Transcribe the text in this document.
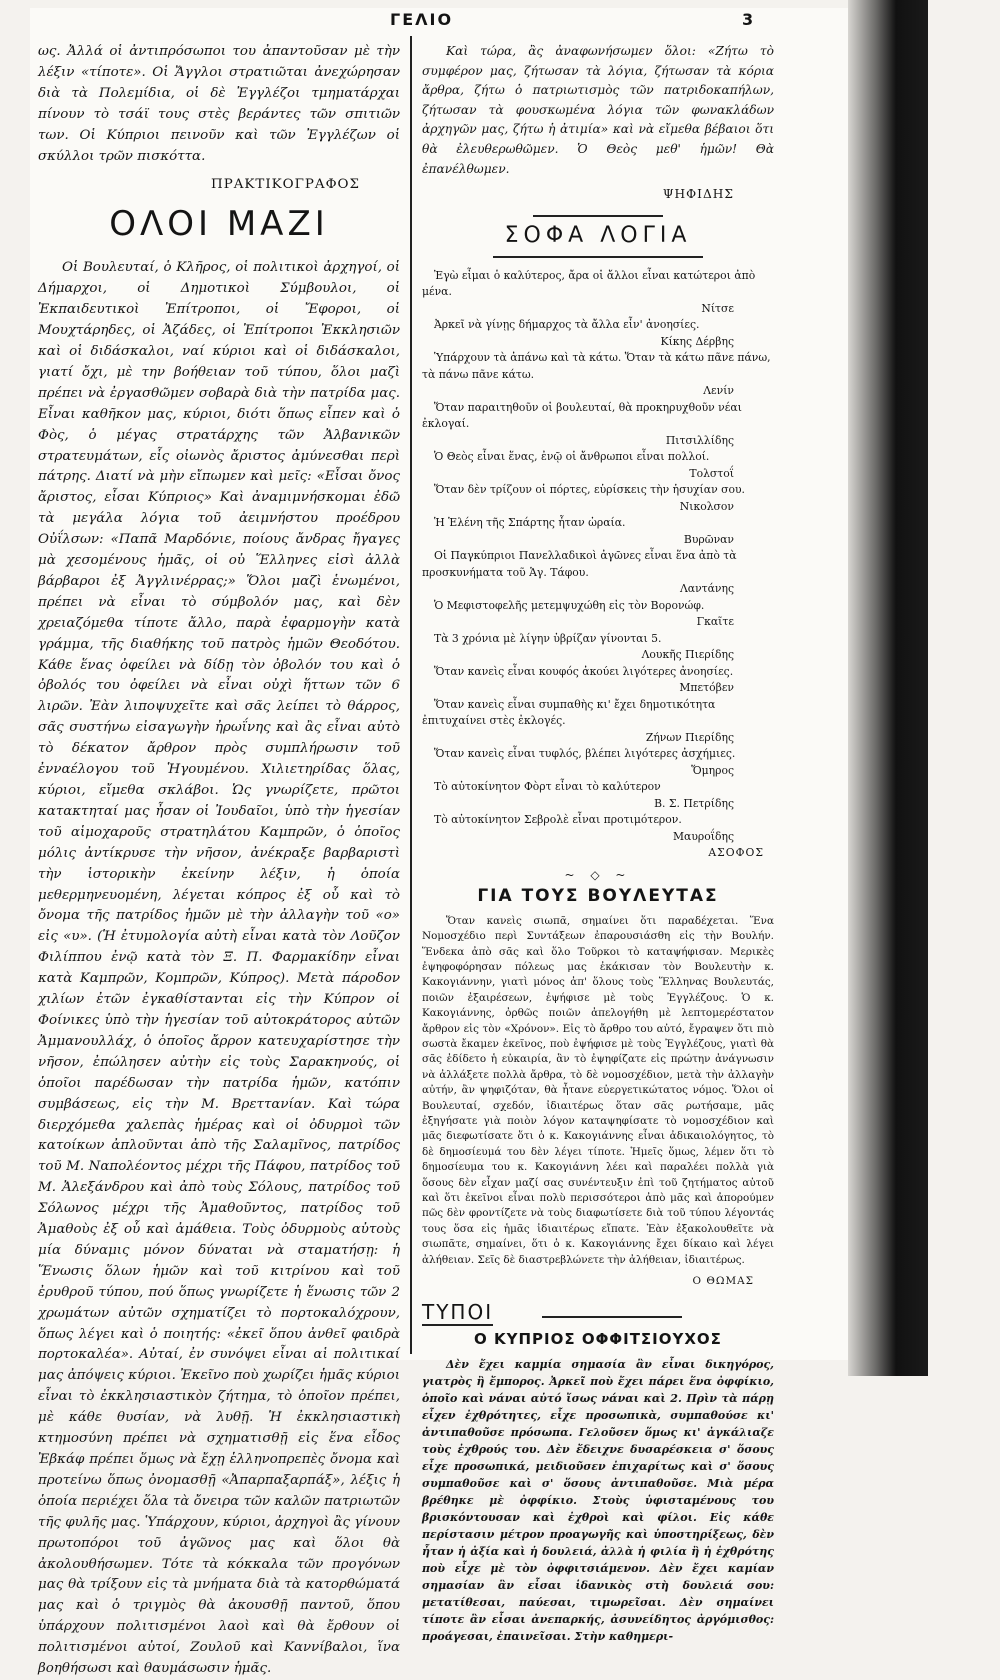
ΓΕΛΙΟ	3

ως. Ἀλλά οἱ ἀντιπρόσωποι του ἀπαντοῦσαν μὲ τὴν λέξιν «τίποτε». Οἱ Ἄγγλοι στρατιῶται ἀνεχώρησαν διὰ τὰ Πολεμίδια, οἱ δὲ Ἐγγλέζοι τμηματάρχαι πίνουν τὸ τσάϊ τους στὲς βεράντες τῶν σπιτιῶν των. Οἱ Κύπριοι πεινοῦν καὶ τῶν Ἐγγλέζων οἱ σκύλλοι τρῶν πισκόττα.

ΠΡΑΚΤΙΚΟΓΡΑΦΟΣ

ΟΛΟΙ ΜΑΖΙ

Οἱ Βουλευταί, ὁ Κλῆρος, οἱ πολιτικοὶ ἀρχηγοί, οἱ Δήμαρχοι, οἱ Δημοτικοὶ Σύμβουλοι, οἱ Ἐκπαιδευτικοὶ Ἐπίτροποι, οἱ Ἔφοροι, οἱ Μουχτάρηδες, οἱ Ἀζάδες, οἱ Ἐπίτροποι Ἐκκλησιῶν καὶ οἱ διδάσκαλοι, ναί κύριοι καὶ οἱ διδάσκαλοι, γιατί ὄχι, μὲ την βοήθειαν τοῦ τύπου, ὅλοι μαζὶ πρέπει νὰ ἐργασθῶμεν σοβαρὰ διὰ τὴν πατρίδα μας. Εἶναι καθῆκον μας, κύριοι, διότι ὅπως εἶπεν καὶ ὁ Φὸς, ὁ μέγας στρατάρχης τῶν Ἀλβανικῶν στρατευμάτων, εἷς οἰωνὸς ἄριστος ἀμύνεσθαι περὶ πάτρης. Διατί νὰ μὴν εἴπωμεν καὶ μεῖς: «Εἶσαι ὄνος ἄριστος, εἶσαι Κύπριος» Καὶ ἀναμιμνήσκομαι ἐδῶ τὰ μεγάλα λόγια τοῦ ἀειμνήστου προέδρου Οὐΐλσων: «Παπᾶ Μαρδόνιε, ποίους ἄνδρας ἤγαγες μὰ χεσομένους ἡμᾶς, οἱ οὐ Ἕλληνες εἰσὶ ἀλλὰ βάρβαροι ἐξ Ἀγγλινέρρας;» Ὅλοι μαζὶ ἑνωμένοι, πρέπει νὰ εἶναι τὸ σύμβολόν μας, καὶ δὲν χρειαζόμεθα τίποτε ἄλλο, παρὰ ἐφαρμογὴν κατὰ γράμμα, τῆς διαθήκης τοῦ πατρὸς ἡμῶν Θεοδότου. Κάθε ἕνας ὀφείλει νὰ δίδῃ τὸν ὀβολόν του καὶ ὁ ὀβολός του ὀφείλει νὰ εἶναι οὐχὶ ἥττων τῶν 6 λιρῶν. Ἐὰν λιποψυχεῖτε καὶ σᾶς λείπει τὸ θάρρος, σᾶς συστήνω εἰσαγωγὴν ἠρωΐνης καὶ ἂς εἶναι αὐτὸ τὸ δέκατον ἄρθρον πρὸς συμπλήρωσιν τοῦ ἐνναέλογου τοῦ Ἡγουμένου. Χιλιετηρίδας ὅλας, κύριοι, εἴμεθα σκλάβοι. Ὡς γνωρίζετε, πρῶτοι κατακτηταί μας ἦσαν οἱ Ἰουδαῖοι, ὑπὸ τὴν ἡγεσίαν τοῦ αἱμοχαροῦς στρατηλάτου Καμπρῶν, ὁ ὁποῖος μόλις ἀντίκρυσε τὴν νῆσον, ἀνέκραξε βαρβαριστὶ τὴν ἱστορικὴν ἐκείνην λέξιν, ἡ ὁποία μεθερμηνευομένη, λέγεται κόπρος ἐξ οὗ καὶ τὸ ὄνομα τῆς πατρίδος ἡμῶν μὲ τὴν ἀλλαγὴν τοῦ «ο» εἰς «υ». (Ἡ ἐτυμολογία αὐτὴ εἶναι κατὰ τὸν Λοῦζον Φιλίππου ἐνῷ κατὰ τὸν Ξ. Π. Φαρμακίδην εἶναι κατὰ Καμπρῶν, Κομπρῶν, Κύπρος). Μετὰ πάροδον χιλίων ἐτῶν ἐγκαθίστανται εἰς τὴν Κύπρον οἱ Φοίνικες ὑπὸ τὴν ἡγεσίαν τοῦ αὐτοκράτορος αὐτῶν Ἀμμανουλλάχ, ὁ ὁποῖος ἄρρον κατευχαρίστησε τὴν νῆσον, ἐπώλησεν αὐτὴν εἰς τοὺς Σαρακηνούς, οἱ ὁποῖοι παρέδωσαν τὴν πατρίδα ἡμῶν, κατόπιν συμβάσεως, εἰς τὴν Μ. Βρεττανίαν. Καὶ τώρα διερχόμεθα χαλεπὰς ἡμέρας καὶ οἱ ὀδυρμοὶ τῶν κατοίκων ἀπλοῦνται ἀπὸ τῆς Σαλαμῖνος, πατρίδος τοῦ Μ. Ναπολέοντος μέχρι τῆς Πάφου, πατρίδος τοῦ Μ. Ἀλεξάνδρου καὶ ἀπὸ τοὺς Σόλους, πατρίδος τοῦ Σόλωνος μέχρι τῆς Ἀμαθοῦντος, πατρίδος τοῦ Ἀμαθοὺς ἐξ οὗ καὶ ἀμάθεια. Τοὺς ὀδυρμοὺς αὐτοὺς μία δύναμις μόνον δύναται νὰ σταματήσῃ: ἡ Ἕνωσις ὅλων ἡμῶν καὶ τοῦ κιτρίνου καὶ τοῦ ἐρυθροῦ τύπου, πού ὅπως γνωρίζετε ἡ ἕνωσις τῶν 2 χρωμάτων αὐτῶν σχηματίζει τὸ πορτοκαλόχρουν, ὅπως λέγει καὶ ὁ ποιητής: «ἐκεῖ ὅπου ἀνθεῖ φαιδρὰ πορτοκαλέα». Αὐταί, ἐν συνόψει εἶναι αἱ πολιτικαί μας ἀπόψεις κύριοι. Ἐκεῖνο ποὺ χωρίζει ἡμᾶς κύριοι εἶναι τὸ ἐκκλησιαστικὸν ζήτημα, τὸ ὁποῖον πρέπει, μὲ κάθε θυσίαν, νὰ λυθῇ. Ἡ ἐκκλησιαστικὴ κτημοσύνη πρέπει νὰ σχηματισθῇ εἰς ἕνα εἶδος Ἐβκάφ πρέπει ὅμως νὰ ἔχῃ ἑλληνοπρεπὲς ὄνομα καὶ προτείνω ὅπως ὀνομασθῇ «Ἀπαρπαξαρπάξ», λέξις ἡ ὁποία περιέχει ὅλα τὰ ὄνειρα τῶν καλῶν πατριωτῶν τῆς φυλῆς μας. Ὑπάρχουν, κύριοι, ἀρχηγοὶ ἂς γίνουν πρωτοπόροι τοῦ ἀγῶνος μας καὶ ὅλοι θὰ ἀκολουθήσωμεν. Τότε τὰ κόκκαλα τῶν προγόνων μας θὰ τρίξουν εἰς τὰ μνήματα διὰ τὰ κατορθώματά μας καὶ ὁ τριγμὸς θὰ ἀκουσθῇ παντοῦ, ὅπου ὑπάρχουν πολιτισμένοι λαοὶ καὶ θὰ ἔρθουν οἱ πολιτισμένοι αὐτοί, Ζουλοῦ καὶ Καννίβαλοι, ἵνα βοηθήσωσι καὶ θαυμάσωσιν ἡμᾶς.

Καὶ τώρα, ἂς ἀναφωνήσωμεν ὅλοι: «Ζήτω τὸ συμφέρον μας, ζήτωσαν τὰ λόγια, ζήτωσαν τὰ κόρια ἄρθρα, ζήτω ὁ πατριωτισμὸς τῶν πατριδοκαπήλων, ζήτωσαν τὰ φουσκωμένα λόγια τῶν φωνακλάδων ἀρχηγῶν μας, ζήτω ἡ ἀτιμία» καὶ νὰ εἴμεθα βέβαιοι ὅτι θὰ ἐλευθερωθῶμεν. Ὁ Θεὸς μεθ' ἡμῶν! Θὰ ἐπανέλθωμεν.

ΨΗΦΙΔΗΣ

ΣΟΦΑ ΛΟΓΙΑ

Ἐγὼ εἶμαι ὁ καλύτερος, ἄρα οἱ ἄλλοι εἶναι κατώτεροι ἀπὸ μένα.

Νίτσε

Ἀρκεῖ νὰ γίνῃς δήμαρχος τὰ ἄλλα εἶν' ἀνοησίες.

Κίκης Δέρβης

Ὑπάρχουν τὰ ἀπάνω καὶ τὰ κάτω. Ὅταν τὰ κάτω πᾶνε πάνω, τὰ πάνω πᾶνε κάτω.

Λενίν

Ὅταν παραιτηθοῦν οἱ βουλευταί, θὰ προκηρυχθοῦν νέαι ἐκλογαί.

Πιτσιλλίδης

Ὁ Θεὸς εἶναι ἕνας, ἐνῷ οἱ ἄνθρωποι εἶναι πολλοί.

Τολστοΐ

Ὅταν δὲν τρίζουν οἱ πόρτες, εὑρίσκεις τὴν ἡσυχίαν σου.

Νικολσον

Ἡ Ἑλένη τῆς Σπάρτης ἦταν ὡραία.

Βυρῶναν

Οἱ Παγκύπριοι Πανελλαδικοὶ ἀγῶνες εἶναι ἕνα ἀπὸ τὰ προσκυνήματα τοῦ Ἁγ. Τάφου.

Λαντάνης

Ὁ Μεφιστοφελῆς μετεμψυχώθη εἰς τὸν Βορονώφ.

Γκαῖτε

Τὰ 3 χρόνια μὲ λίγην ὑβρίζαν γίνονται 5.

Λουκῆς Πιερίδης

Ὅταν κανεὶς εἶναι κουφός ἀκούει λιγότερες ἀνοησίες.

Μπετόβεν

Ὅταν κανεὶς εἶναι συμπαθὴς κι' ἔχει δημοτικότητα ἐπιτυχαίνει στὲς ἐκλογές.

Ζήνων Πιερίδης

Ὅταν κανεὶς εἶναι τυφλός, βλέπει λιγότερες ἀσχήμιες.

Ὅμηρος

Τὸ αὐτοκίνητον Φὸρτ εἶναι τὸ καλύτερον

Β. Σ. Πετρίδης

Τὸ αὐτοκίνητον Σεβρολὲ εἶναι προτιμότερον.

Μαυροΐδης

ΑΣΟΦΟΣ

~ ◇ ~
ΓΙΑ ΤΟΥΣ ΒΟΥΛΕΥΤΑΣ

Ὅταν κανεὶς σιωπᾶ, σημαίνει ὅτι παραδέχεται. Ἕνα Νομοσχέδιο περὶ Συντάξεων ἐπαρουσιάσθη εἰς τὴν Βουλήν. Ἕνδεκα ἀπὸ σᾶς καὶ ὅλο Τοῦρκοι τὸ καταψήφισαν. Μερικὲς ἐψηφοφόρησαν πόλεως μας ἐκάκισαν τὸν Βουλευτὴν κ. Κακογιάννην, γιατὶ μόνος ἀπ' ὅλους τοὺς Ἕλληνας Βουλευτάς, ποιῶν ἐξαιρέσεων, ἐψήφισε μὲ τοὺς Ἐγγλέζους. Ὁ κ. Κακογιάννης, ὀρθῶς ποιῶν ἀπελογήθη μὲ λεπτομερέστατον ἄρθρον εἰς τὸν «Χρόνον». Εἰς τὸ ἄρθρο του αὐτό, ἔγραψεν ὅτι πιὸ σωστὰ ἔκαμεν ἐκεῖνος, ποὺ ἐψήφισε μὲ τοὺς Ἐγγλέζους, γιατὶ θὰ σᾶς ἐδίδετο ἡ εὐκαιρία, ἂν τὸ ἐψηφίζατε εἰς πρώτην ἀνάγνωσιν νὰ ἀλλάξετε πολλὰ ἄρθρα, τὸ δὲ νομοσχέδιον, μετὰ τὴν ἀλλαγὴν αὐτήν, ἂν ψηφιζόταν, θὰ ἦτανε εὐεργετικώτατος νόμος. Ὅλοι οἱ Βουλευταί, σχεδόν, ἰδιαιτέρως ὅταν σᾶς ρωτήσαμε, μᾶς ἐξηγήσατε γιὰ ποιὸν λόγον καταψηφίσατε τὸ νομοσχέδιον καὶ μᾶς διεφωτίσατε ὅτι ὁ κ. Κακογιάννης εἶναι ἀδικαιολόγητος, τὸ δὲ δημοσίευμά του δὲν λέγει τίποτε. Ἡμεῖς ὅμως, λέμεν ὅτι τὸ δημοσίευμα του κ. Κακογιάννη λέει καὶ παραλέει πολλὰ γιὰ ὅσους δὲν εἶχαν μαζί σας συνέντευξιν ἐπὶ τοῦ ζητήματος αὐτοῦ καὶ ὅτι ἐκεῖνοι εἶναι πολὺ περισσότεροι ἀπὸ μᾶς καὶ ἀπορούμεν πῶς δὲν φροντίζετε νὰ τοὺς διαφωτίσετε διὰ τοῦ τύπου λέγοντάς τους ὅσα εἰς ἡμᾶς ἰδιαιτέρως εἴπατε. Ἐὰν ἐξακολουθεῖτε νὰ σιωπᾶτε, σημαίνει, ὅτι ὁ κ. Κακογιάννης ἔχει δίκαιο καὶ λέγει ἀλήθειαν. Σεῖς δὲ διαστρεβλώνετε τὴν ἀλήθειαν, ἰδιαιτέρως.

Ο ΘΩΜΑΣ

ΤΥΠΟΙ
Ο ΚΥΠΡΙΟΣ ΟΦΦΙΤΣΙΟΥΧΟΣ

Δὲν ἔχει καμμία σημασία ἂν εἶναι δικηγόρος, γιατρὸς ἢ ἔμπορος. Ἀρκεῖ ποὺ ἔχει πάρει ἕνα ὀφφίκιο, ὁποῖο καὶ νάναι αὐτό ἴσως νάναι καὶ 2. Πρὶν τὰ πάρῃ εἶχεν ἐχθρότητες, εἶχε προσωπικὰ, συμπαθούσε κι' ἀντιπαθοῦσε πρόσωπα. Γελοῦσεν ὅμως κι' ἀγκάλιαζε τοὺς ἐχθρούς του. Δὲν ἔδειχνε δυσαρέσκεια σ' ὅσους εἶχε προσωπικά, μειδιοῦσεν ἐπιχαρίτως καὶ σ' ὅσους συμπαθοῦσε καὶ σ' ὅσους ἀντιπαθοῦσε. Μιὰ μέρα βρέθηκε μὲ ὀφφίκιο. Στοὺς ὑφισταμένους του βρισκόντουσαν καὶ ἐχθροὶ καὶ φίλοι. Εἰς κάθε περίστασιν μέτρον προαγωγῆς καὶ ὑποστηρίξεως, δὲν ἦταν ἡ ἀξία καὶ ἡ δουλειά, ἀλλὰ ἡ φιλία ἢ ἡ ἐχθρότης ποὺ εἶχε μὲ τὸν ὀφφιτσιάμενον. Δὲν ἔχει καμίαν σημασίαν ἂν εἶσαι ἱδανικὸς στὴ δουλειά σου: μετατίθεσαι, παύεσαι, τιμωρεῖσαι. Δὲν σημαίνει τίποτε ἂν εἶσαι ἀνεπαρκής, ἀσυνείδητος ἀργόμισθος: προάγεσαι, ἐπαινεῖσαι. Στὴν καθημερι-
